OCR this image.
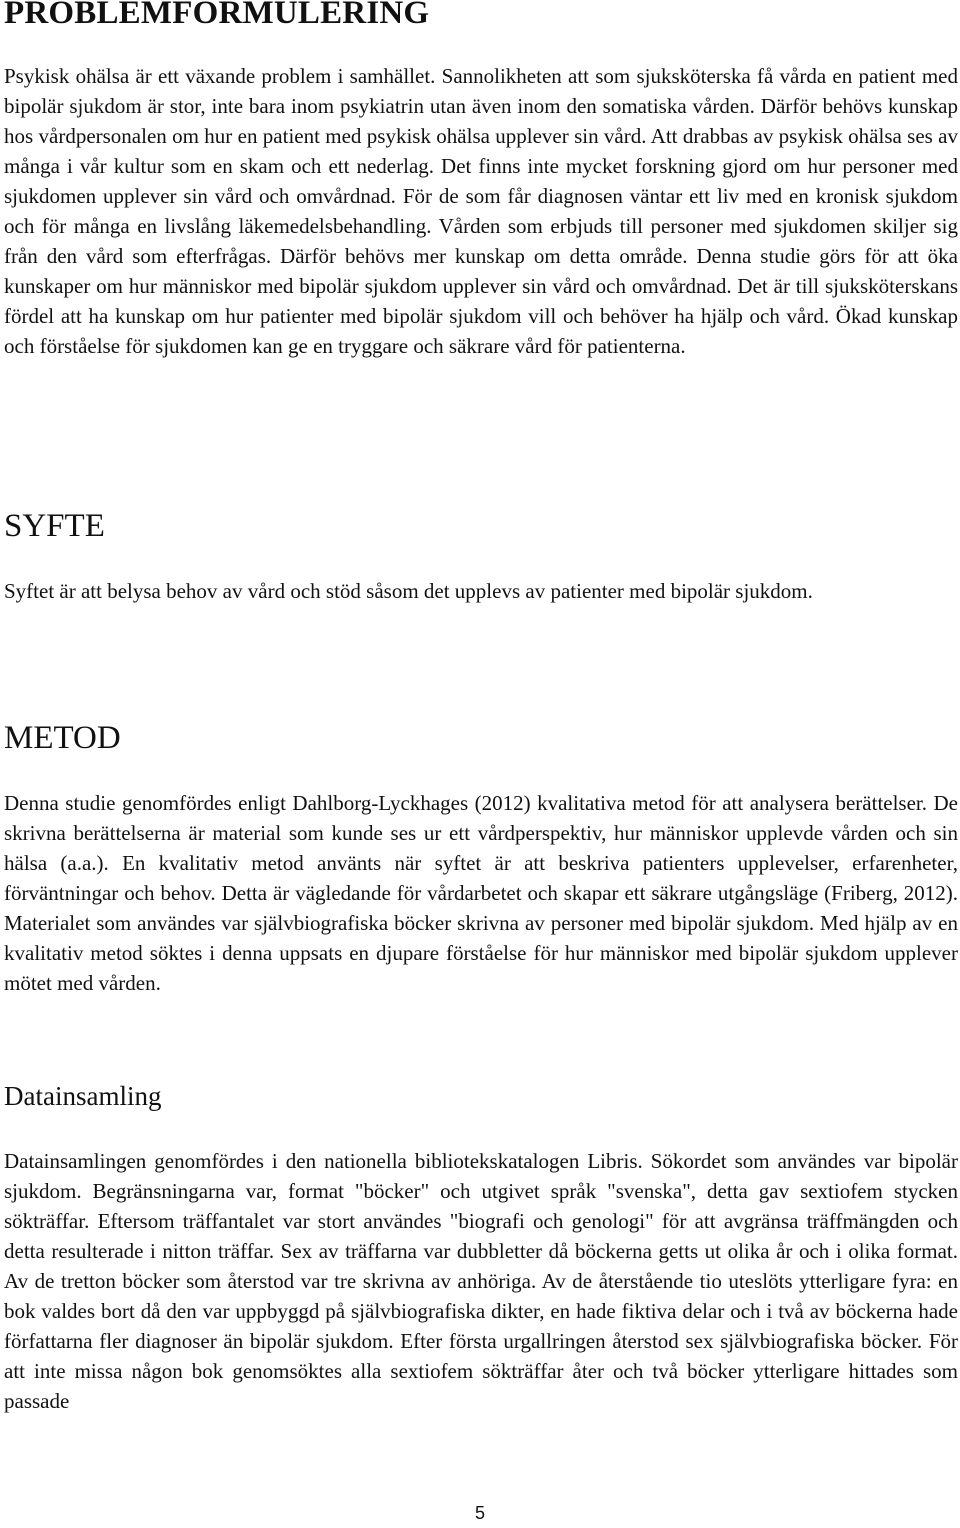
PROBLEMFORMULERING

Psykisk ohälsa är ett växande problem i samhället. Sannolikheten att som sjuksköterska få vårda en patient med bipolär sjukdom är stor, inte bara inom psykiatrin utan även inom den somatiska vården. Därför behövs kunskap hos vårdpersonalen om hur en patient med psykisk ohälsa upplever sin vård. Att drabbas av psykisk ohälsa ses av många i vår kultur som en skam och ett nederlag. Det finns inte mycket forskning gjord om hur personer med sjukdomen upplever sin vård och omvårdnad. För de som får diagnosen väntar ett liv med en kronisk sjukdom och för många en livslång läkemedelsbehandling. Vården som erbjuds till personer med sjukdomen skiljer sig från den vård som efterfrågas. Därför behövs mer kunskap om detta område. Denna studie görs för att öka kunskaper om hur människor med bipolär sjukdom upplever sin vård och omvårdnad. Det är till sjuksköterskans fördel att ha kunskap om hur patienter med bipolär sjukdom vill och behöver ha hjälp och vård. Ökad kunskap och förståelse för sjukdomen kan ge en tryggare och säkrare vård för patienterna.

SYFTE

Syftet är att belysa behov av vård och stöd såsom det upplevs av patienter med bipolär sjukdom.

METOD

Denna studie genomfördes enligt Dahlborg-Lyckhages (2012) kvalitativa metod för att analysera berättelser. De skrivna berättelserna är material som kunde ses ur ett vårdperspektiv, hur människor upplevde vården och sin hälsa (a.a.). En kvalitativ metod använts när syftet är att beskriva patienters upplevelser, erfarenheter, förväntningar och behov. Detta är vägledande för vårdarbetet och skapar ett säkrare utgångsläge (Friberg, 2012). Materialet som användes var självbiografiska böcker skrivna av personer med bipolär sjukdom. Med hjälp av en kvalitativ metod söktes i denna uppsats en djupare förståelse för hur människor med bipolär sjukdom upplever mötet med vården.

Datainsamling

Datainsamlingen genomfördes i den nationella bibliotekskatalogen Libris. Sökordet som användes var bipolär sjukdom. Begränsningarna var, format "böcker" och utgivet språk "svenska", detta gav sextiofem stycken sökträffar. Eftersom träffantalet var stort användes "biografi och genologi" för att avgränsa träffmängden och detta resulterade i nitton träffar. Sex av träffarna var dubbletter då böckerna getts ut olika år och i olika format. Av de tretton böcker som återstod var tre skrivna av anhöriga. Av de återstående tio uteslöts ytterligare fyra: en bok valdes bort då den var uppbyggd på självbiografiska dikter, en hade fiktiva delar och i två av böckerna hade författarna fler diagnoser än bipolär sjukdom. Efter första urgallringen återstod sex självbiografiska böcker. För att inte missa någon bok genomsöktes alla sextiofem sökträffar åter och två böcker ytterligare hittades som passade

5
